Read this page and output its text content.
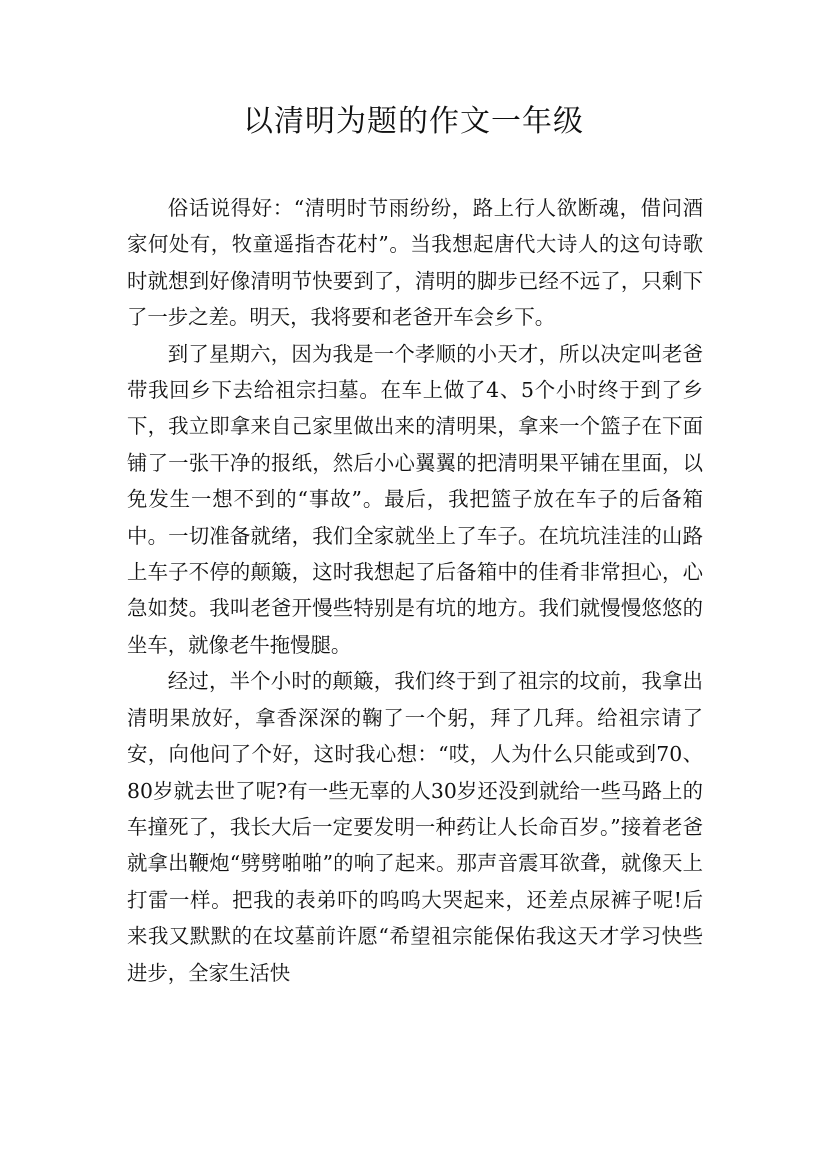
以清明为题的作文一年级

俗话说得好：“清明时节雨纷纷，路上行人欲断魂，借问酒家何处有，牧童遥指杏花村”。当我想起唐代大诗人的这句诗歌时就想到好像清明节快要到了，清明的脚步已经不远了，只剩下了一步之差。明天，我将要和老爸开车会乡下。

到了星期六，因为我是一个孝顺的小天才，所以决定叫老爸带我回乡下去给祖宗扫墓。在车上做了4、5个小时终于到了乡下，我立即拿来自己家里做出来的清明果，拿来一个篮子在下面铺了一张干净的报纸，然后小心翼翼的把清明果平铺在里面，以免发生一想不到的“事故”。最后，我把篮子放在车子的后备箱中。一切准备就绪，我们全家就坐上了车子。在坑坑洼洼的山路上车子不停的颠簸，这时我想起了后备箱中的佳肴非常担心，心急如焚。我叫老爸开慢些特别是有坑的地方。我们就慢慢悠悠的坐车，就像老牛拖慢腿。

经过，半个小时的颠簸，我们终于到了祖宗的坟前，我拿出清明果放好，拿香深深的鞠了一个躬，拜了几拜。给祖宗请了安，向他问了个好，这时我心想：“哎，人为什么只能或到70、80岁就去世了呢?有一些无辜的人30岁还没到就给一些马路上的车撞死了，我长大后一定要发明一种药让人长命百岁。”接着老爸就拿出鞭炮“劈劈啪啪”的响了起来。那声音震耳欲聋，就像天上打雷一样。把我的表弟吓的呜呜大哭起来，还差点尿裤子呢!后来我又默默的在坟墓前许愿“希望祖宗能保佑我这天才学习快些进步，全家生活快
